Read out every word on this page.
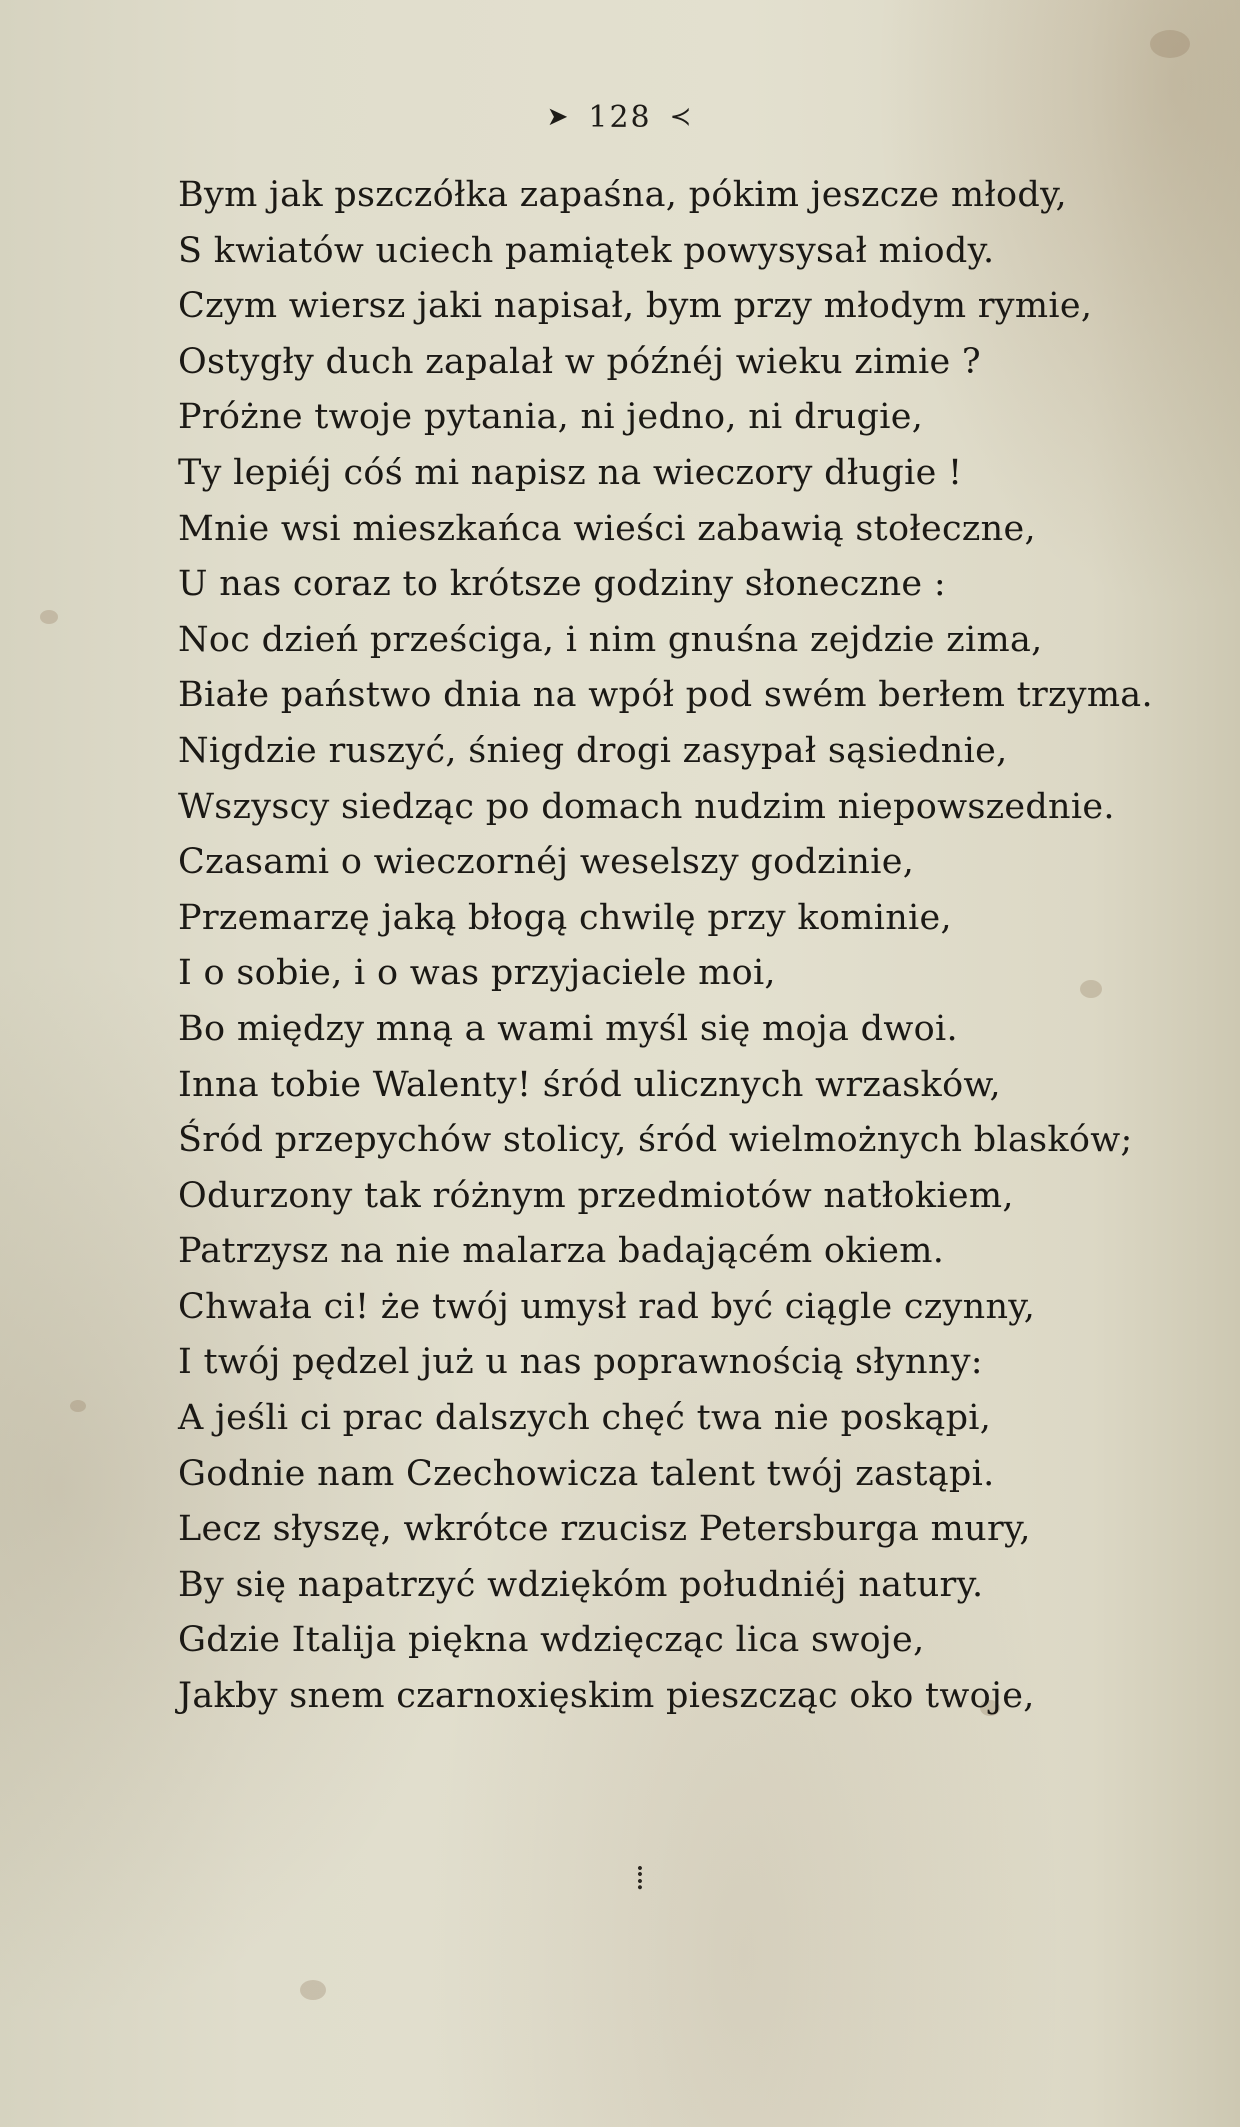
➤ 128 ≺
Bym jak pszczółka zapaśna, pókim jeszcze młody,
S kwiatów uciech pamiątek powysysał miody.
Czym wiersz jaki napisał, bym przy młodym rymie,
Ostygły duch zapalał w późnéj wieku zimie ?
Próżne twoje pytania, ni jedno, ni drugie,
Ty lepiéj cóś mi napisz na wieczory długie !
Mnie wsi mieszkańca wieści zabawią stołeczne,
U nas coraz to krótsze godziny słoneczne :
Noc dzień prześciga, i nim gnuśna zejdzie zima,
Białe państwo dnia na wpół pod swém berłem trzyma.
Nigdzie ruszyć, śnieg drogi zasypał sąsiednie,
Wszyscy siedząc po domach nudzim niepowszednie.
Czasami o wieczornéj weselszy godzinie,
Przemarzę jaką błogą chwilę przy kominie,
I o sobie, i o was przyjaciele moi,
Bo między mną a wami myśl się moja dwoi.
Inna tobie Walenty! śród ulicznych wrzasków,
Śród przepychów stolicy, śród wielmożnych blasków;
Odurzony tak różnym przedmiotów natłokiem,
Patrzysz na nie malarza badającém okiem.
Chwała ci! że twój umysł rad być ciągle czynny,
I twój pędzel już u nas poprawnością słynny:
A jeśli ci prac dalszych chęć twa nie poskąpi,
Godnie nam Czechowicza talent twój zastąpi.
Lecz słyszę, wkrótce rzucisz Petersburga mury,
By się napatrzyć wdziękóm południéj natury.
Gdzie Italija piękna wdzięcząc lica swoje,
Jakby snem czarnoxięskim pieszcząc oko twoje,
⁞
